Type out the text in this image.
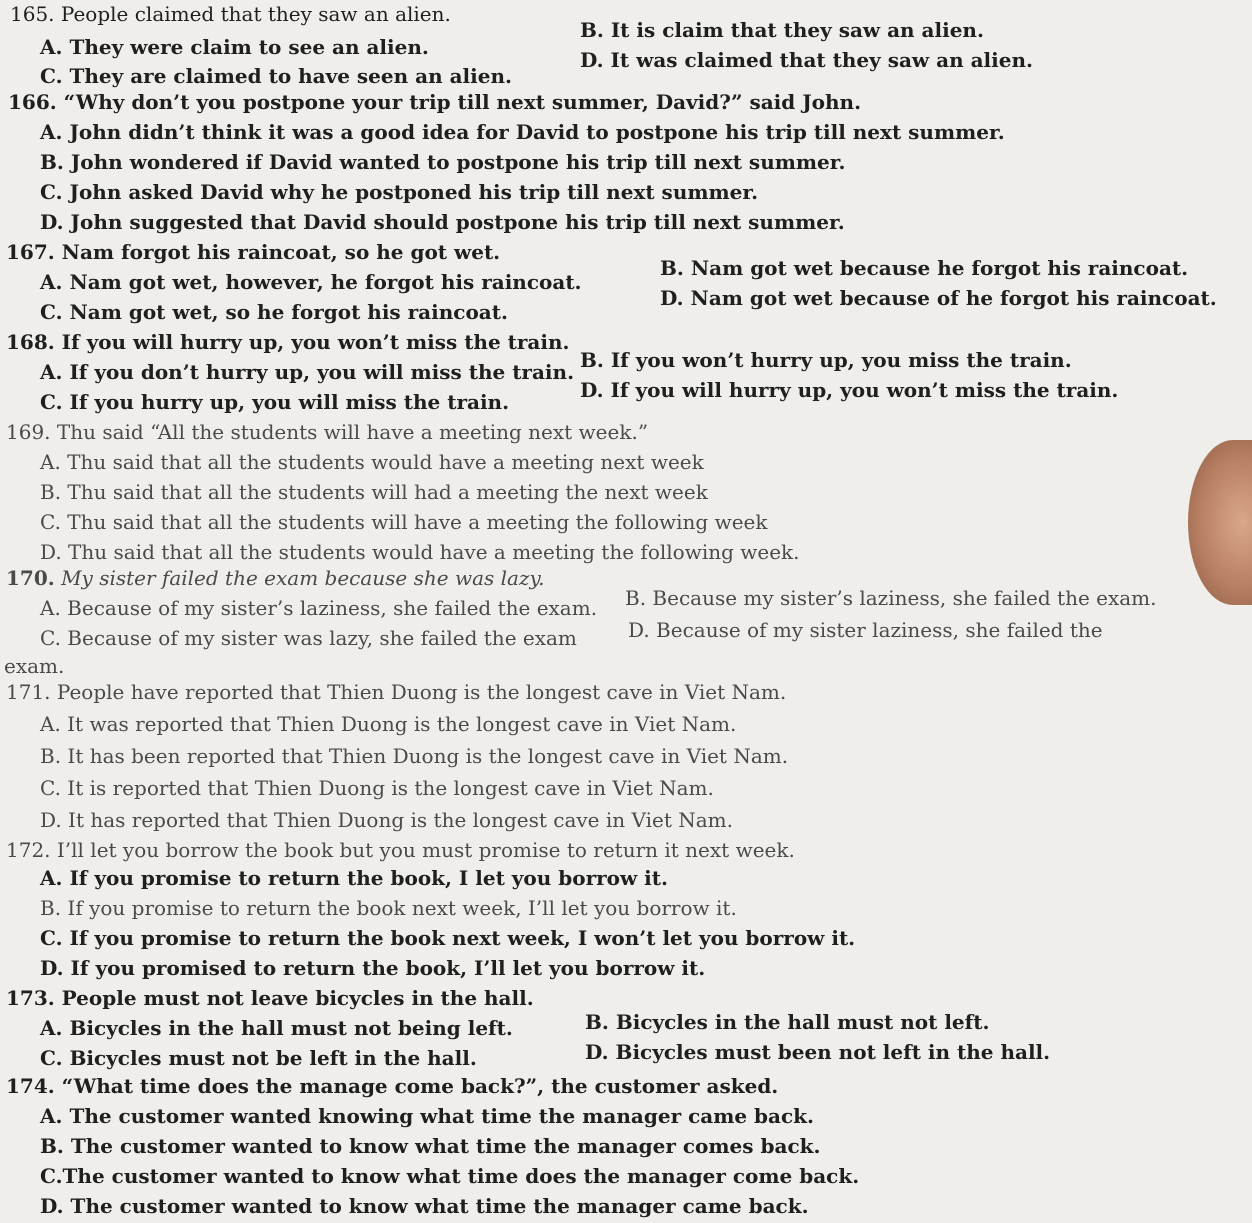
165. People claimed that they saw an alien.
A. They were claim to see an alien.
B. It is claim that they saw an alien.
C. They are claimed to have seen an alien.
D. It was claimed that they saw an alien.
166. “Why don’t you postpone your trip till next summer, David?” said John.
A. John didn’t think it was a good idea for David to postpone his trip till next summer.
B. John wondered if David wanted to postpone his trip till next summer.
C. John asked David why he postponed his trip till next summer.
D. John suggested that David should postpone his trip till next summer.
167. Nam forgot his raincoat, so he got wet.
A. Nam got wet, however, he forgot his raincoat.
B. Nam got wet because he forgot his raincoat.
C. Nam got wet, so he forgot his raincoat.
D. Nam got wet because of he forgot his raincoat.
168. If you will hurry up, you won’t miss the train.
A. If you don’t hurry up, you will miss the train. B. If you won’t hurry up, you miss the train.
C. If you hurry up, you will miss the train.	D. If you will hurry up, you won’t miss the train.
169. Thu said “All the students will have a meeting next week.”
A. Thu said that all the students would have a meeting next week
B. Thu said that all the students will had a meeting the next week
C. Thu said that all the students will have a meeting the following week
D. Thu said that all the students would have a meeting the following week.
170. My sister failed the exam because she was lazy.
A. Because of my sister’s laziness, she failed the exam. B. Because my sister’s laziness, she failed the exam.
C. Because of my sister was lazy, she failed the exam	D. Because of my sister laziness, she failed the
exam.
171. People have reported that Thien Duong is the longest cave in Viet Nam.
A. It was reported that Thien Duong is the longest cave in Viet Nam.
B. It has been reported that Thien Duong is the longest cave in Viet Nam.
C. It is reported that Thien Duong is the longest cave in Viet Nam.
D. It has reported that Thien Duong is the longest cave in Viet Nam.
172. I’ll let you borrow the book but you must promise to return it next week.
A. If you promise to return the book, I let you borrow it.
B. If you promise to return the book next week, I’ll let you borrow it.
C. If you promise to return the book next week, I won’t let you borrow it.
D. If you promised to return the book, I’ll let you borrow it.
173. People must not leave bicycles in the hall.
A. Bicycles in the hall must not being left.	B. Bicycles in the hall must not left.
C. Bicycles must not be left in the hall.	D. Bicycles must been not left in the hall.
174. “What time does the manage come back?”, the customer asked.
A. The customer wanted knowing what time the manager came back.
B. The customer wanted to know what time the manager comes back.
C.The customer wanted to know what time does the manager come back.
D. The customer wanted to know what time the manager came back.
